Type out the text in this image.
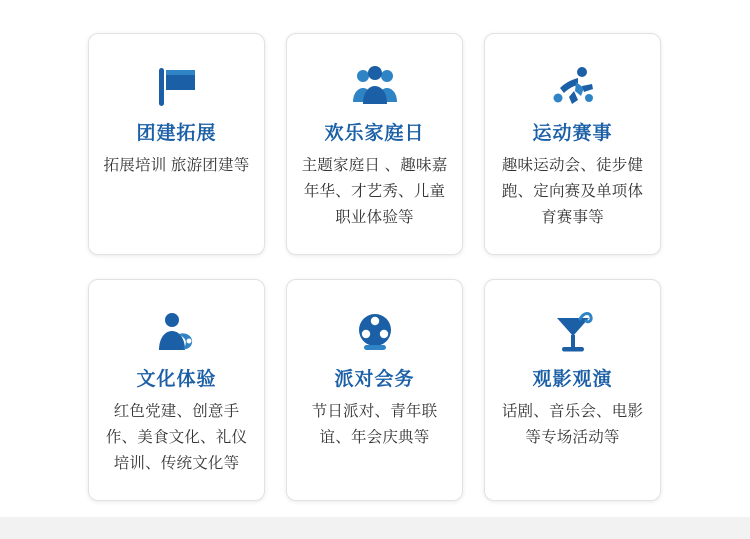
团建拓展
拓展培训 旅游团建等
欢乐家庭日
主题家庭日 、趣味嘉年华、才艺秀、儿童职业体验等
运动赛事
趣味运动会、徒步健跑、定向赛及单项体育赛事等
文化体验
红色党建、创意手作、美食文化、礼仪培训、传统文化等
派对会务
节日派对、青年联谊、年会庆典等
观影观演
话剧、音乐会、电影等专场活动等
